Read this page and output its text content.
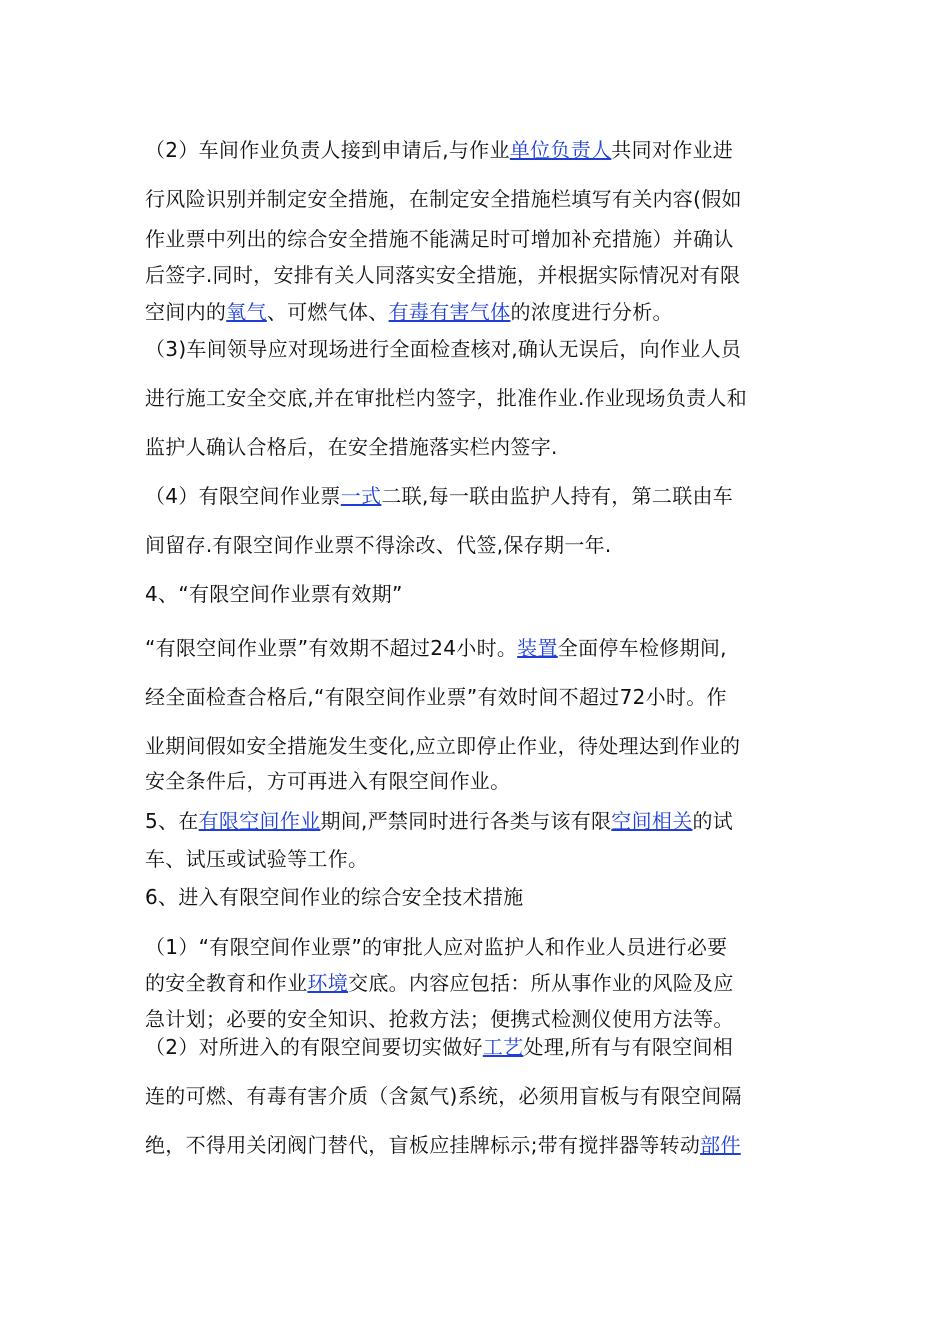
（2）车间作业负责人接到申请后,与作业单位负责人共同对作业进
行风险识别并制定安全措施，在制定安全措施栏填写有关内容(假如
作业票中列出的综合安全措施不能满足时可增加补充措施）并确认
后签字.同时，安排有关人同落实安全措施，并根据实际情况对有限
空间内的氧气、可燃气体、有毒有害气体的浓度进行分析。
（3)车间领导应对现场进行全面检查核对,确认无误后，向作业人员
进行施工安全交底,并在审批栏内签字，批准作业.作业现场负责人和
监护人确认合格后，在安全措施落实栏内签字.
（4）有限空间作业票一式二联,每一联由监护人持有，第二联由车
间留存.有限空间作业票不得涂改、代签,保存期一年.
4、“有限空间作业票有效期”
“有限空间作业票”有效期不超过24小时。装置全面停车检修期间,
经全面检查合格后,“有限空间作业票”有效时间不超过72小时。作
业期间假如安全措施发生变化,应立即停止作业，待处理达到作业的
安全条件后，方可再进入有限空间作业。
5、在有限空间作业期间,严禁同时进行各类与该有限空间相关的试
车、试压或试验等工作。
6、进入有限空间作业的综合安全技术措施
（1）“有限空间作业票”的审批人应对监护人和作业人员进行必要
的安全教育和作业环境交底。内容应包括：所从事作业的风险及应
急计划；必要的安全知识、抢救方法；便携式检测仪使用方法等。
（2）对所进入的有限空间要切实做好工艺处理,所有与有限空间相
连的可燃、有毒有害介质（含氮气)系统，必须用盲板与有限空间隔
绝，不得用关闭阀门替代，盲板应挂牌标示;带有搅拌器等转动部件
